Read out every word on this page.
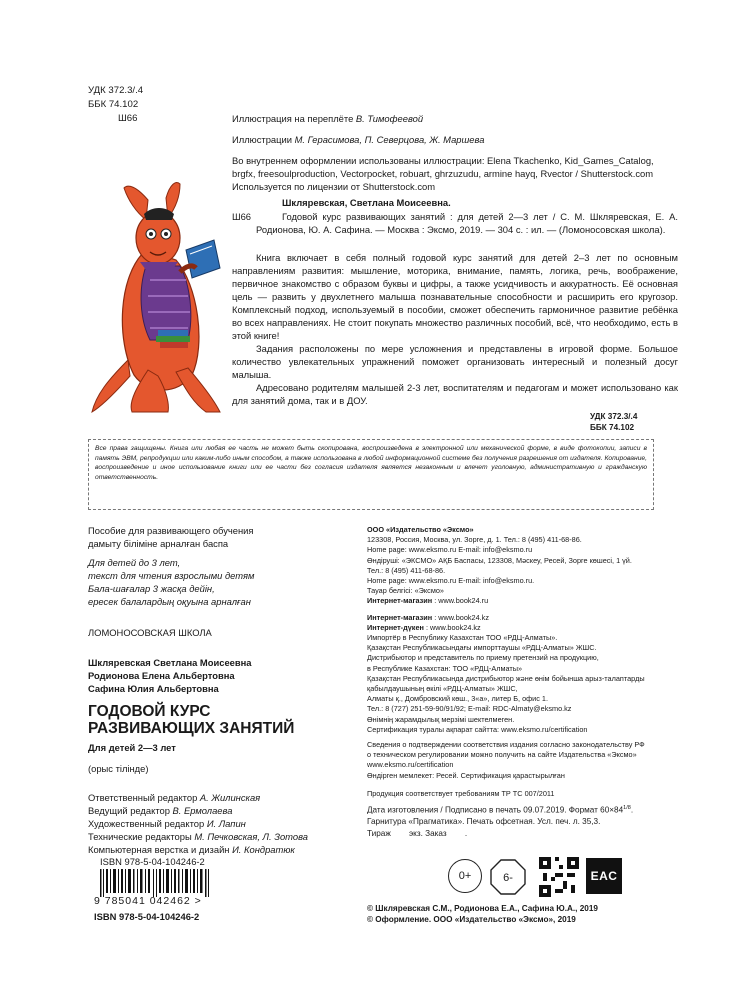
УДК 372.3/.4
ББК 74.102
Ш66	Иллюстрация на переплёте В. Тимофеевой

Иллюстрации М. Герасимова, П. Северцова, Ж. Маршева

Во внутреннем оформлении использованы иллюстрации: Elena Tkachenko, Kid_Games_Catalog,

brgfx, freesoulproduction, Vectorpocket, robuart, ghrzuzudu, armine hayq, Rvector / Shutterstock.com

Используется по лицензии от Shutterstock.com

Шкляревская, Светлана Моисеевна.

Ш66	Годовой курс развивающих занятий : для детей 2—3 лет / С. М. Шкляревская, Е. А. Родионова, Ю. А. Сафина. — Москва : Эксмо, 2019. — 304 с. : ил. — (Ломоносовская школа).

Книга включает в себя полный годовой курс занятий для детей 2–3 лет по основным направлениям развития: мышление, моторика, внимание, память, логика, речь, воображение, первичное знакомство с образом буквы и цифры, а также усидчивость и аккуратность. Её основная цель — развить у двухлетнего малыша познавательные способности и расширить его кругозор. Комплексный подход, используемый в пособии, сможет обеспечить гармоничное развитие ребёнка во всех направлениях. Не стоит покупать множество различных пособий, всё, что необходимо, есть в этой книге!

Задания расположены по мере усложнения и представлены в игровой форме. Большое количество увлекательных упражнений поможет организовать интересный и полезный досуг малыша.

Адресовано родителям малышей 2-3 лет, воспитателям и педагогам и может использовано как для занятий дома, так и в ДОУ.

УДК 372.3/.4
ББК 74.102
Все права защищены. Книга или любая ее часть не может быть скопирована, воспроизведена в электронной или механической форме, в виде фотокопии, записи в память ЭВМ, репродукции или каким-либо иным способом, а также использована в любой информационной системе без получения разрешения от издателя. Копирование, воспроизведение и иное использование книги или ее части без согласия издателя является незаконным и влечет уголовную, административную и гражданскую ответственность.

Пособие для развивающего обучения

дамыту біліміне арналған баспа

Для детей до 3 лет,

текст для чтения взрослыми детям

Бала-шағалар 3 жасқа дейін,

ересек балалардың оқуына арналған

ЛОМОНОСОВСКАЯ ШКОЛА

Шкляревская Светлана Моисеевна

Родионова Елена Альбертовна

Сафина Юлия Альбертовна

ГОДОВОЙ КУРС

РАЗВИВАЮЩИХ ЗАНЯТИЙ

Для детей 2—3 лет

(орыс тілінде)

Ответственный редактор А. Жилинская

Ведущий редактор В. Ермолаева

Художественный редактор И. Лапин

Технические редакторы М. Печковская, Л. Зотова

Компьютерная верстка и дизайн И. Кондратюк

ISBN 978-5-04-104246-2
9 785041 042462 >
ISBN 978-5-04-104246-2

ООО «Издательство «Эксмо»

123308, Россия, Москва, ул. Зорге, д. 1. Тел.: 8 (495) 411-68-86.

Home page: www.eksmo.ru E-mail: info@eksmo.ru

Өндіруші: «ЭКСМО» АҚБ Баспасы, 123308, Мәскеу, Ресей, Зорге көшесі, 1 үй.

Тел.: 8 (495) 411-68-86.

Home page: www.eksmo.ru E-mail: info@eksmo.ru.

Тауар белгісі: «Эксмо»

Интернет-магазин : www.book24.ru

Интернет-магазин : www.book24.kz

Интернет-дүкен : www.book24.kz

Импортёр в Республику Казахстан ТОО «РДЦ-Алматы».

Қазақстан Республикасындағы импорттаушы «РДЦ-Алматы» ЖШС.

Дистрибьютор и представитель по приему претензий на продукцию,

в Республике Казахстан: ТОО «РДЦ-Алматы»

Қазақстан Республикасында дистрибьютор және өнім бойынша арыз-талаптарды

қабылдаушының өкілі «РДЦ-Алматы» ЖШС,

Алматы қ., Домбровский көш., 3«а», литер Б, офис 1.

Тел.: 8 (727) 251-59-90/91/92; E-mail: RDC-Almaty@eksmo.kz

Өнімнің жарамдылық мерзімі шектелмеген.

Сертификация туралы ақпарат сайтта: www.eksmo.ru/certification

Сведения о подтверждении соответствия издания согласно законодательству РФ

о техническом регулировании можно получить на сайте Издательства «Эксмо»

www.eksmo.ru/certification

Өндірген мемлекет: Ресей. Сертификация қарастырылған

Продукция соответствует требованиям ТР ТС 007/2011

Дата изготовления / Подписано в печать 09.07.2019. Формат $60\times 84^{1/8}$.

Гарнитура «Прагматика». Печать офсетная. Усл. печ. л. 35,3.

Тираж        экз. Заказ        .

0+	6-	EAC

© Шкляревская С.М., Родионова Е.А., Сафина Ю.А., 2019

© Оформление. ООО «Издательство «Эксмо», 2019
